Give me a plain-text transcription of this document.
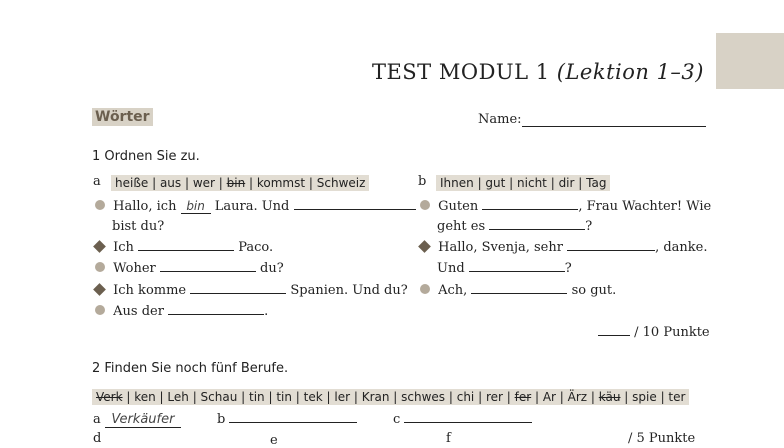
TEST MODUL 1 (Lektion 1–3)
Wörter	Name:
1 Ordnen Sie zu.
a	heiße | aus | wer | bin | kommst | Schweiz	b	Ihnen | gut | nicht | dir | Tag
Hallo, ich bin Laura. Und
bist du?
Ich	Paco.
Woher	du?
Ich komme	Spanien. Und du?
Aus der	.
Guten	, Frau Wachter! Wie
geht es	?
Hallo, Svenja, sehr	, danke.
Und	?
Ach,	so gut.
/ 10 Punkte
2 Finden Sie noch fünf Berufe.
Verk | ken | Leh | Schau | tin | tin | tek | ler | Kran | schwes | chi | rer | fer | Ar | Ärz | käu | spie | ter
a Verkäufer	b	c
d	e	f	/ 5 Punkte
